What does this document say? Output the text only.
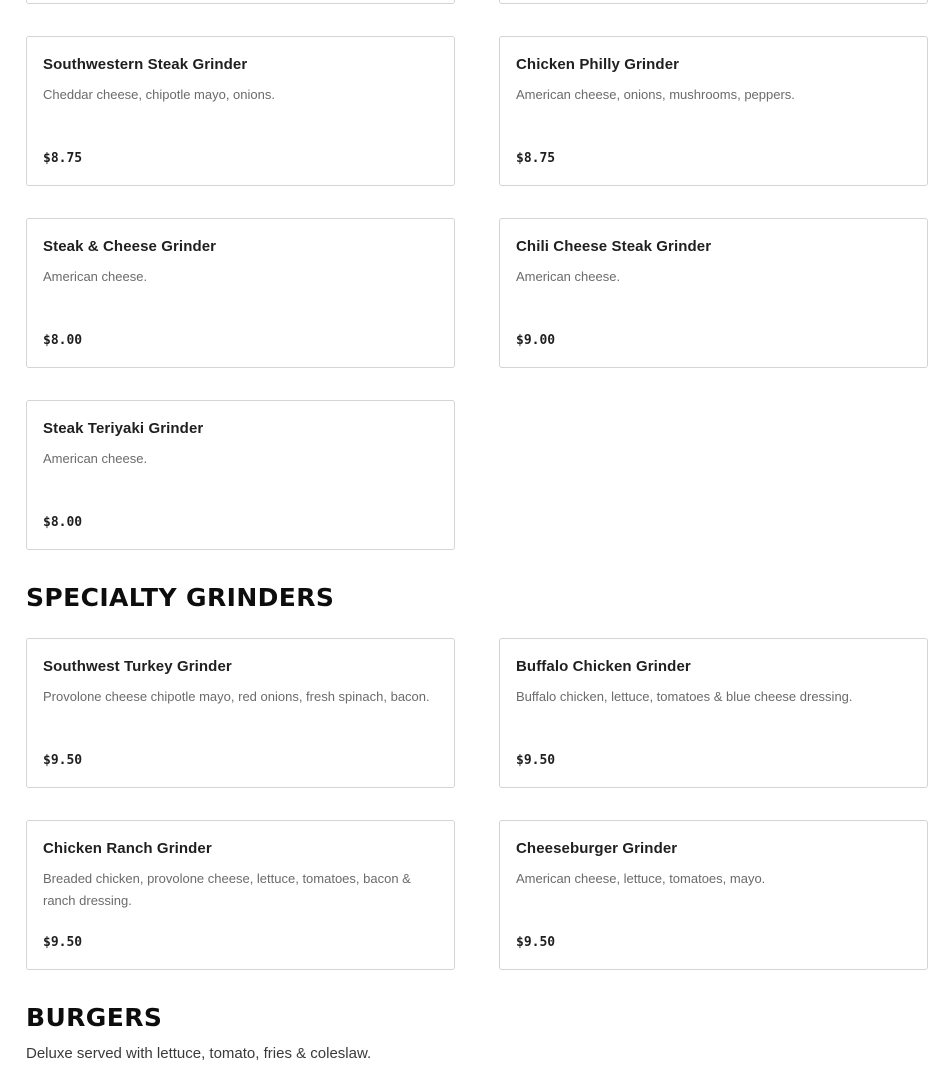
Southwestern Steak Grinder
Cheddar cheese, chipotle mayo, onions.
$8.75
Chicken Philly Grinder
American cheese, onions, mushrooms, peppers.
$8.75
Steak & Cheese Grinder
American cheese.
$8.00
Chili Cheese Steak Grinder
American cheese.
$9.00
Steak Teriyaki Grinder
American cheese.
$8.00
SPECIALTY GRINDERS
Southwest Turkey Grinder
Provolone cheese chipotle mayo, red onions, fresh spinach, bacon.
$9.50
Buffalo Chicken Grinder
Buffalo chicken, lettuce, tomatoes & blue cheese dressing.
$9.50
Chicken Ranch Grinder
Breaded chicken, provolone cheese, lettuce, tomatoes, bacon & ranch dressing.
$9.50
Cheeseburger Grinder
American cheese, lettuce, tomatoes, mayo.
$9.50
BURGERS

Deluxe served with lettuce, tomato, fries & coleslaw.
